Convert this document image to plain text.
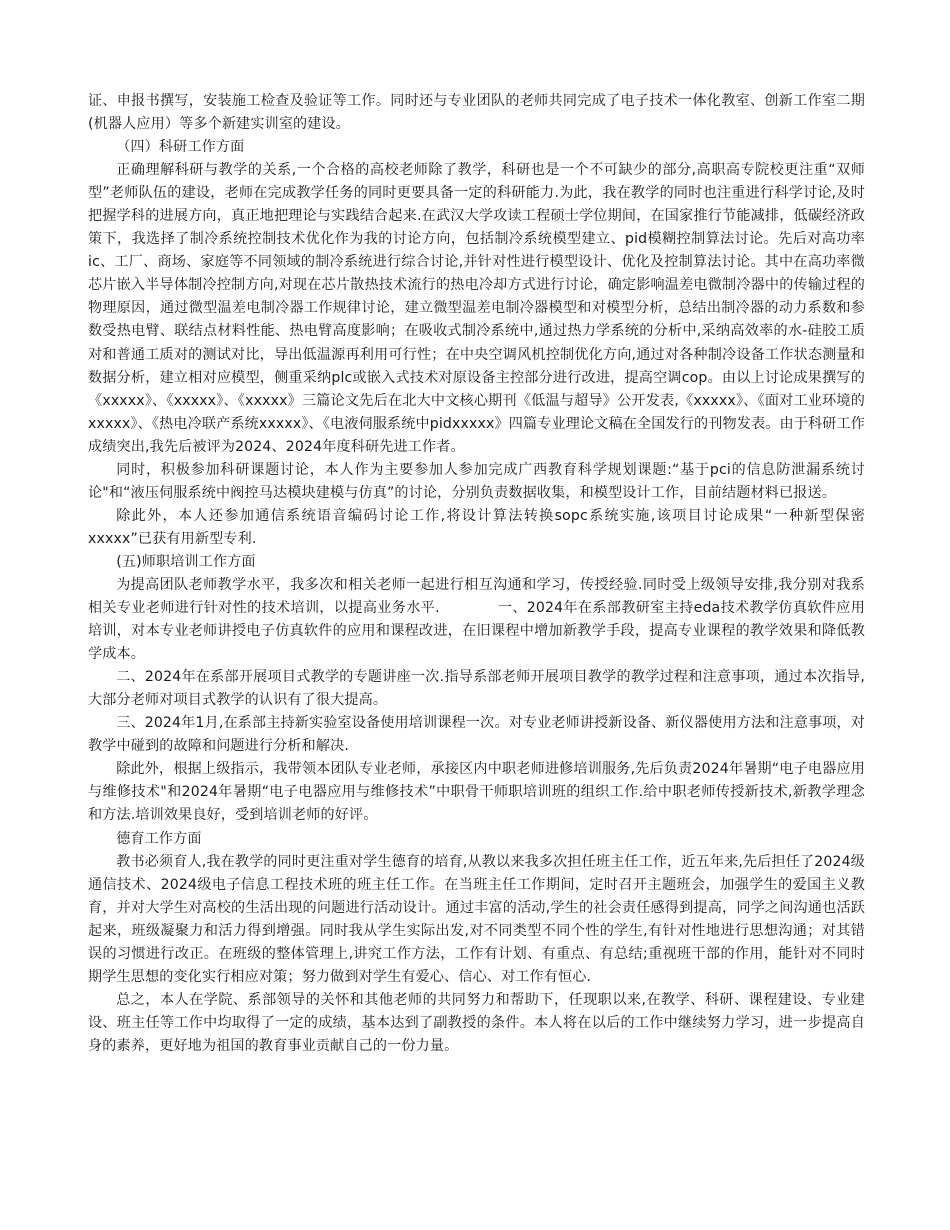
证、申报书撰写，安装施工检查及验证等工作。同时还与专业团队的老师共同完成了电子技术一体化教室、创新工作室二期(机器人应用）等多个新建实训室的建设。

（四）科研工作方面

正确理解科研与教学的关系,一个合格的高校老师除了教学，科研也是一个不可缺少的部分,高职高专院校更注重“双师型”老师队伍的建设，老师在完成教学任务的同时更要具备一定的科研能力.为此，我在教学的同时也注重进行科学讨论,及时把握学科的进展方向，真正地把理论与实践结合起来.在武汉大学攻读工程硕士学位期间，在国家推行节能减排，低碳经济政策下，我选择了制冷系统控制技术优化作为我的讨论方向，包括制冷系统模型建立、pid模糊控制算法讨论。先后对高功率ic、工厂、商场、家庭等不同领域的制冷系统进行综合讨论,并针对性进行模型设计、优化及控制算法讨论。其中在高功率微芯片嵌入半导体制冷控制方向,对现在芯片散热技术流行的热电冷却方式进行讨论，确定影响温差电微制冷器中的传输过程的物理原因，通过微型温差电制冷器工作规律讨论，建立微型温差电制冷器模型和对模型分析，总结出制冷器的动力系数和参数受热电臂、联结点材料性能、热电臂高度影响；在吸收式制冷系统中,通过热力学系统的分析中,采纳高效率的水-硅胶工质对和普通工质对的测试对比，导出低温源再利用可行性；在中央空调风机控制优化方向,通过对各种制冷设备工作状态测量和数据分析，建立相对应模型，侧重采纳plc或嵌入式技术对原设备主控部分进行改进，提高空调cop。由以上讨论成果撰写的《xxxxx》、《xxxxx》、《xxxxx》三篇论文先后在北大中文核心期刊《低温与超导》公开发表,《xxxxx》、《面对工业环境的xxxxx》、《热电冷联产系统xxxxx》、《电液伺服系统中pidxxxxx》四篇专业理论文稿在全国发行的刊物发表。由于科研工作成绩突出,我先后被评为2024、2024年度科研先进工作者。

同时，积极参加科研课题讨论，本人作为主要参加人参加完成广西教育科学规划课题:“基于pci的信息防泄漏系统讨论"和“液压伺服系统中阀控马达模块建模与仿真”的讨论，分别负责数据收集，和模型设计工作，目前结题材料已报送。

除此外，本人还参加通信系统语音编码讨论工作,将设计算法转换sopc系统实施,该项目讨论成果“一种新型保密xxxxx”已获有用新型专利.

(五)师职培训工作方面

为提高团队老师教学水平，我多次和相关老师一起进行相互沟通和学习，传授经验.同时受上级领导安排,我分别对我系相关专业老师进行针对性的技术培训，以提高业务水平.　　　　一、2024年在系部教研室主持eda技术教学仿真软件应用培训，对本专业老师讲授电子仿真软件的应用和课程改进，在旧课程中增加新教学手段，提高专业课程的教学效果和降低教学成本。

二、2024年在系部开展项目式教学的专题讲座一次.指导系部老师开展项目教学的教学过程和注意事项，通过本次指导,大部分老师对项目式教学的认识有了很大提高。

三、2024年1月,在系部主持新实验室设备使用培训课程一次。对专业老师讲授新设备、新仪器使用方法和注意事项，对教学中碰到的故障和问题进行分析和解决.

除此外，根据上级指示，我带领本团队专业老师，承接区内中职老师进修培训服务,先后负责2024年暑期“电子电器应用与维修技术"和2024年暑期“电子电器应用与维修技术”中职骨干师职培训班的组织工作.给中职老师传授新技术,新教学理念和方法.培训效果良好，受到培训老师的好评。

德育工作方面

教书必须育人,我在教学的同时更注重对学生德育的培育,从教以来我多次担任班主任工作，近五年来,先后担任了2024级通信技术、2024级电子信息工程技术班的班主任工作。在当班主任工作期间，定时召开主题班会，加强学生的爱国主义教育，并对大学生对高校的生活出现的问题进行活动设计。通过丰富的活动,学生的社会责任感得到提高，同学之间沟通也活跃起来，班级凝聚力和活力得到增强。同时我从学生实际出发,对不同类型不同个性的学生,有针对性地进行思想沟通；对其错误的习惯进行改正。在班级的整体管理上,讲究工作方法，工作有计划、有重点、有总结;重视班干部的作用，能针对不同时期学生思想的变化实行相应对策；努力做到对学生有爱心、信心、对工作有恒心.

总之，本人在学院、系部领导的关怀和其他老师的共同努力和帮助下，任现职以来,在教学、科研、课程建设、专业建设、班主任等工作中均取得了一定的成绩，基本达到了副教授的条件。本人将在以后的工作中继续努力学习，进一步提高自身的素养，更好地为祖国的教育事业贡献自己的一份力量。
